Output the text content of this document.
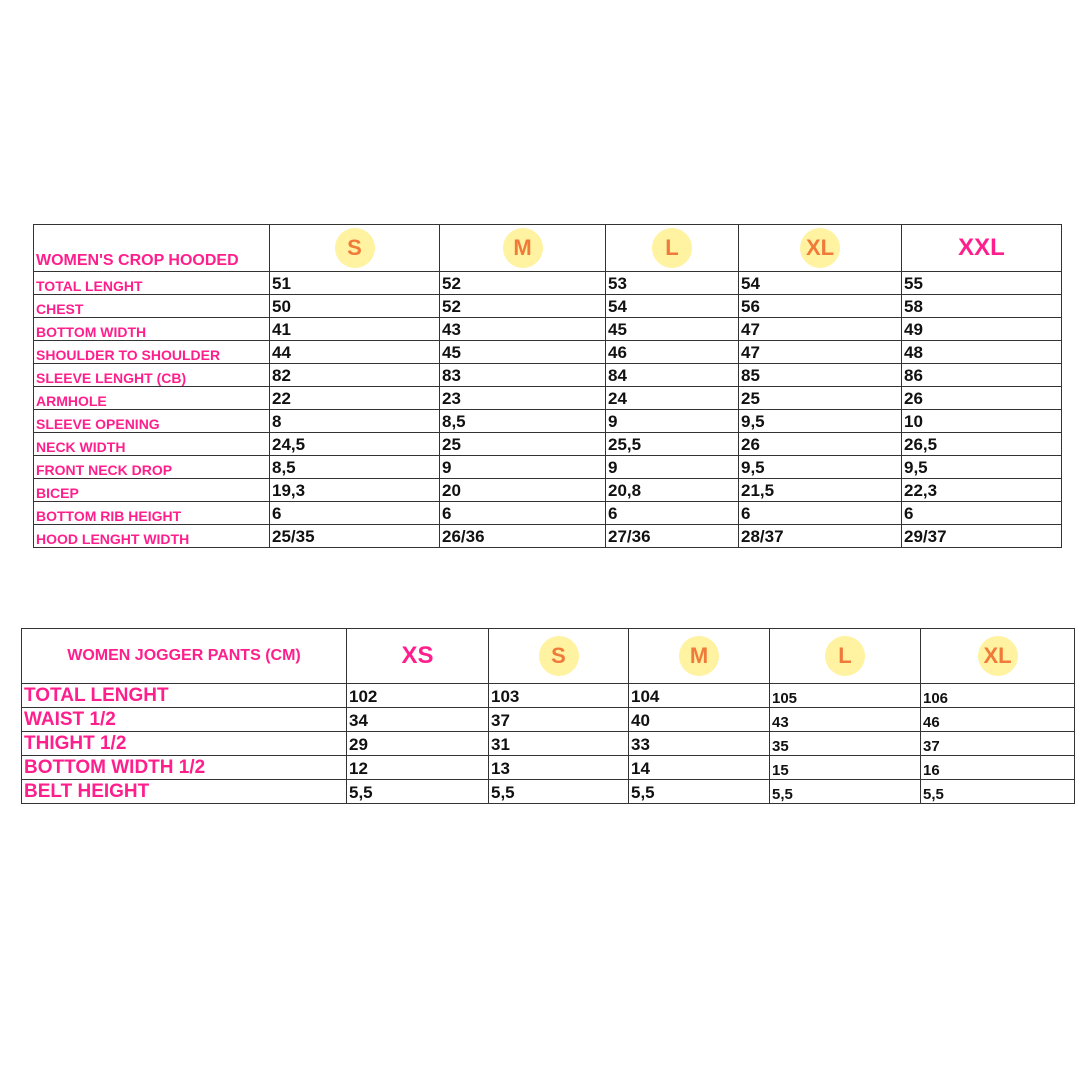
WOMEN'S CROP HOODED	S	M	L	XL	XXL
TOTAL LENGHT	51	52	53	54	55
CHEST	50	52	54	56	58
BOTTOM WIDTH	41	43	45	47	49
SHOULDER TO SHOULDER	44	45	46	47	48
SLEEVE LENGHT (CB)	82	83	84	85	86
ARMHOLE	22	23	24	25	26
SLEEVE OPENING	8	8,5	9	9,5	10
NECK WIDTH	24,5	25	25,5	26	26,5
FRONT NECK DROP	8,5	9	9	9,5	9,5
BICEP	19,3	20	20,8	21,5	22,3
BOTTOM RIB HEIGHT	6	6	6	6	6
HOOD LENGHT WIDTH	25/35	26/36	27/36	28/37	29/37
WOMEN JOGGER PANTS (CM)	XS	S	M	L	XL
TOTAL LENGHT	102	103	104	105	106
WAIST 1/2	34	37	40	43	46
THIGHT 1/2	29	31	33	35	37
BOTTOM WIDTH 1/2	12	13	14	15	16
BELT HEIGHT	5,5	5,5	5,5	5,5	5,5
